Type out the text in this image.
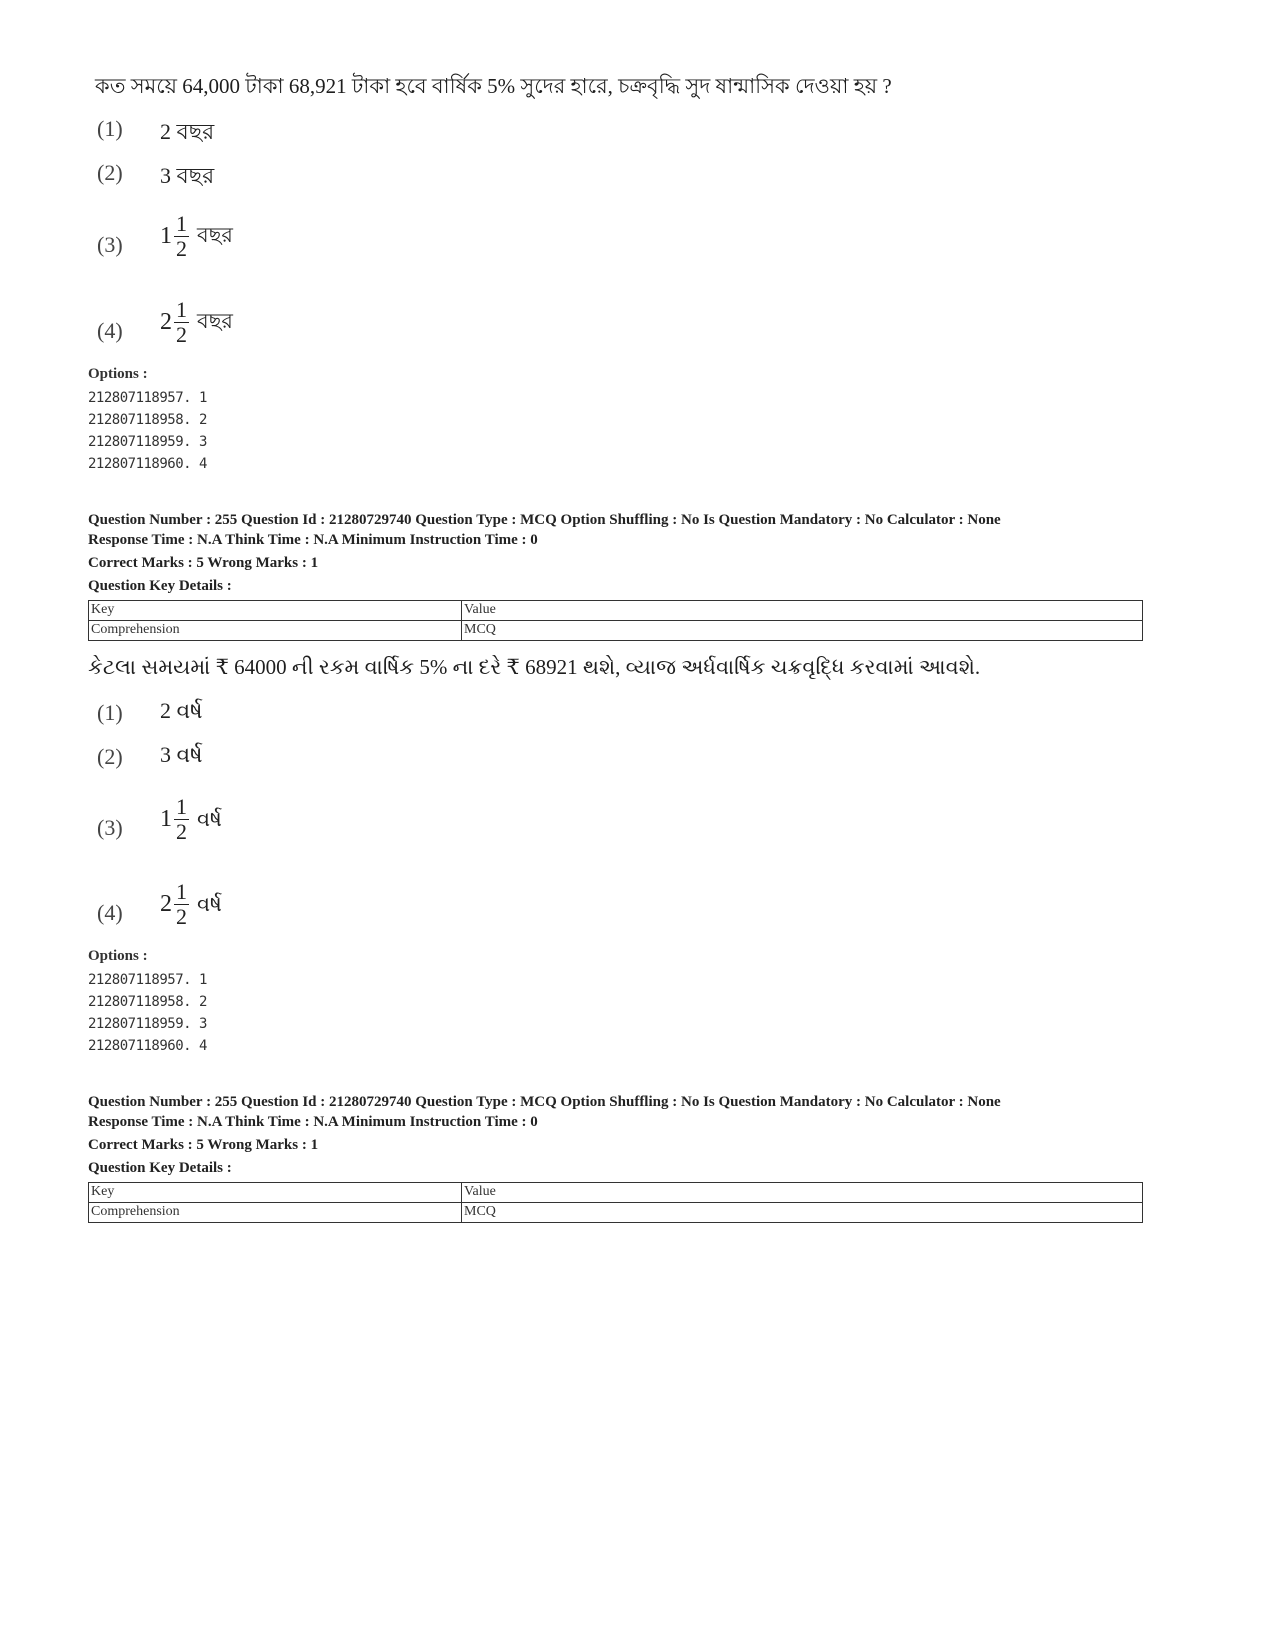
কত সময়ে 64,000 টাকা 68,921 টাকা হবে বার্ষিক 5% সুদের হারে, চক্রবৃদ্ধি সুদ ষান্মাসিক দেওয়া হয় ?
(1) 2 বছর
(2) 3 বছর
(3) $1 \frac{1}{2}$ বছর
(4) $2 \frac{1}{2}$ বছর
Options :
212807118957. 1
212807118958. 2
212807118959. 3
212807118960. 4
Question Number : 255 Question Id : 21280729740 Question Type : MCQ Option Shuffling : No Is Question Mandatory : No Calculator : None
Response Time : N.A Think Time : N.A Minimum Instruction Time : 0
Correct Marks : 5 Wrong Marks : 1
Question Key Details :
Key	Value
Comprehension	MCQ
કેટલા સમયમાં ₹ 64000 ની રકમ વાર્ષિક 5% ના દરે ₹ 68921 થશે, વ્યાજ અર્ધવાર્ષિક ચક્રવૃદ્ધિ કરવામાં આવશે.
(1) 2 વર્ષ
(2) 3 વર્ષ
(3) $1 \frac{1}{2}$ વર્ષ
(4) $2 \frac{1}{2}$ વર્ષ
Options :
212807118957. 1
212807118958. 2
212807118959. 3
212807118960. 4
Question Number : 255 Question Id : 21280729740 Question Type : MCQ Option Shuffling : No Is Question Mandatory : No Calculator : None
Response Time : N.A Think Time : N.A Minimum Instruction Time : 0
Correct Marks : 5 Wrong Marks : 1
Question Key Details :
Key	Value
Comprehension	MCQ
